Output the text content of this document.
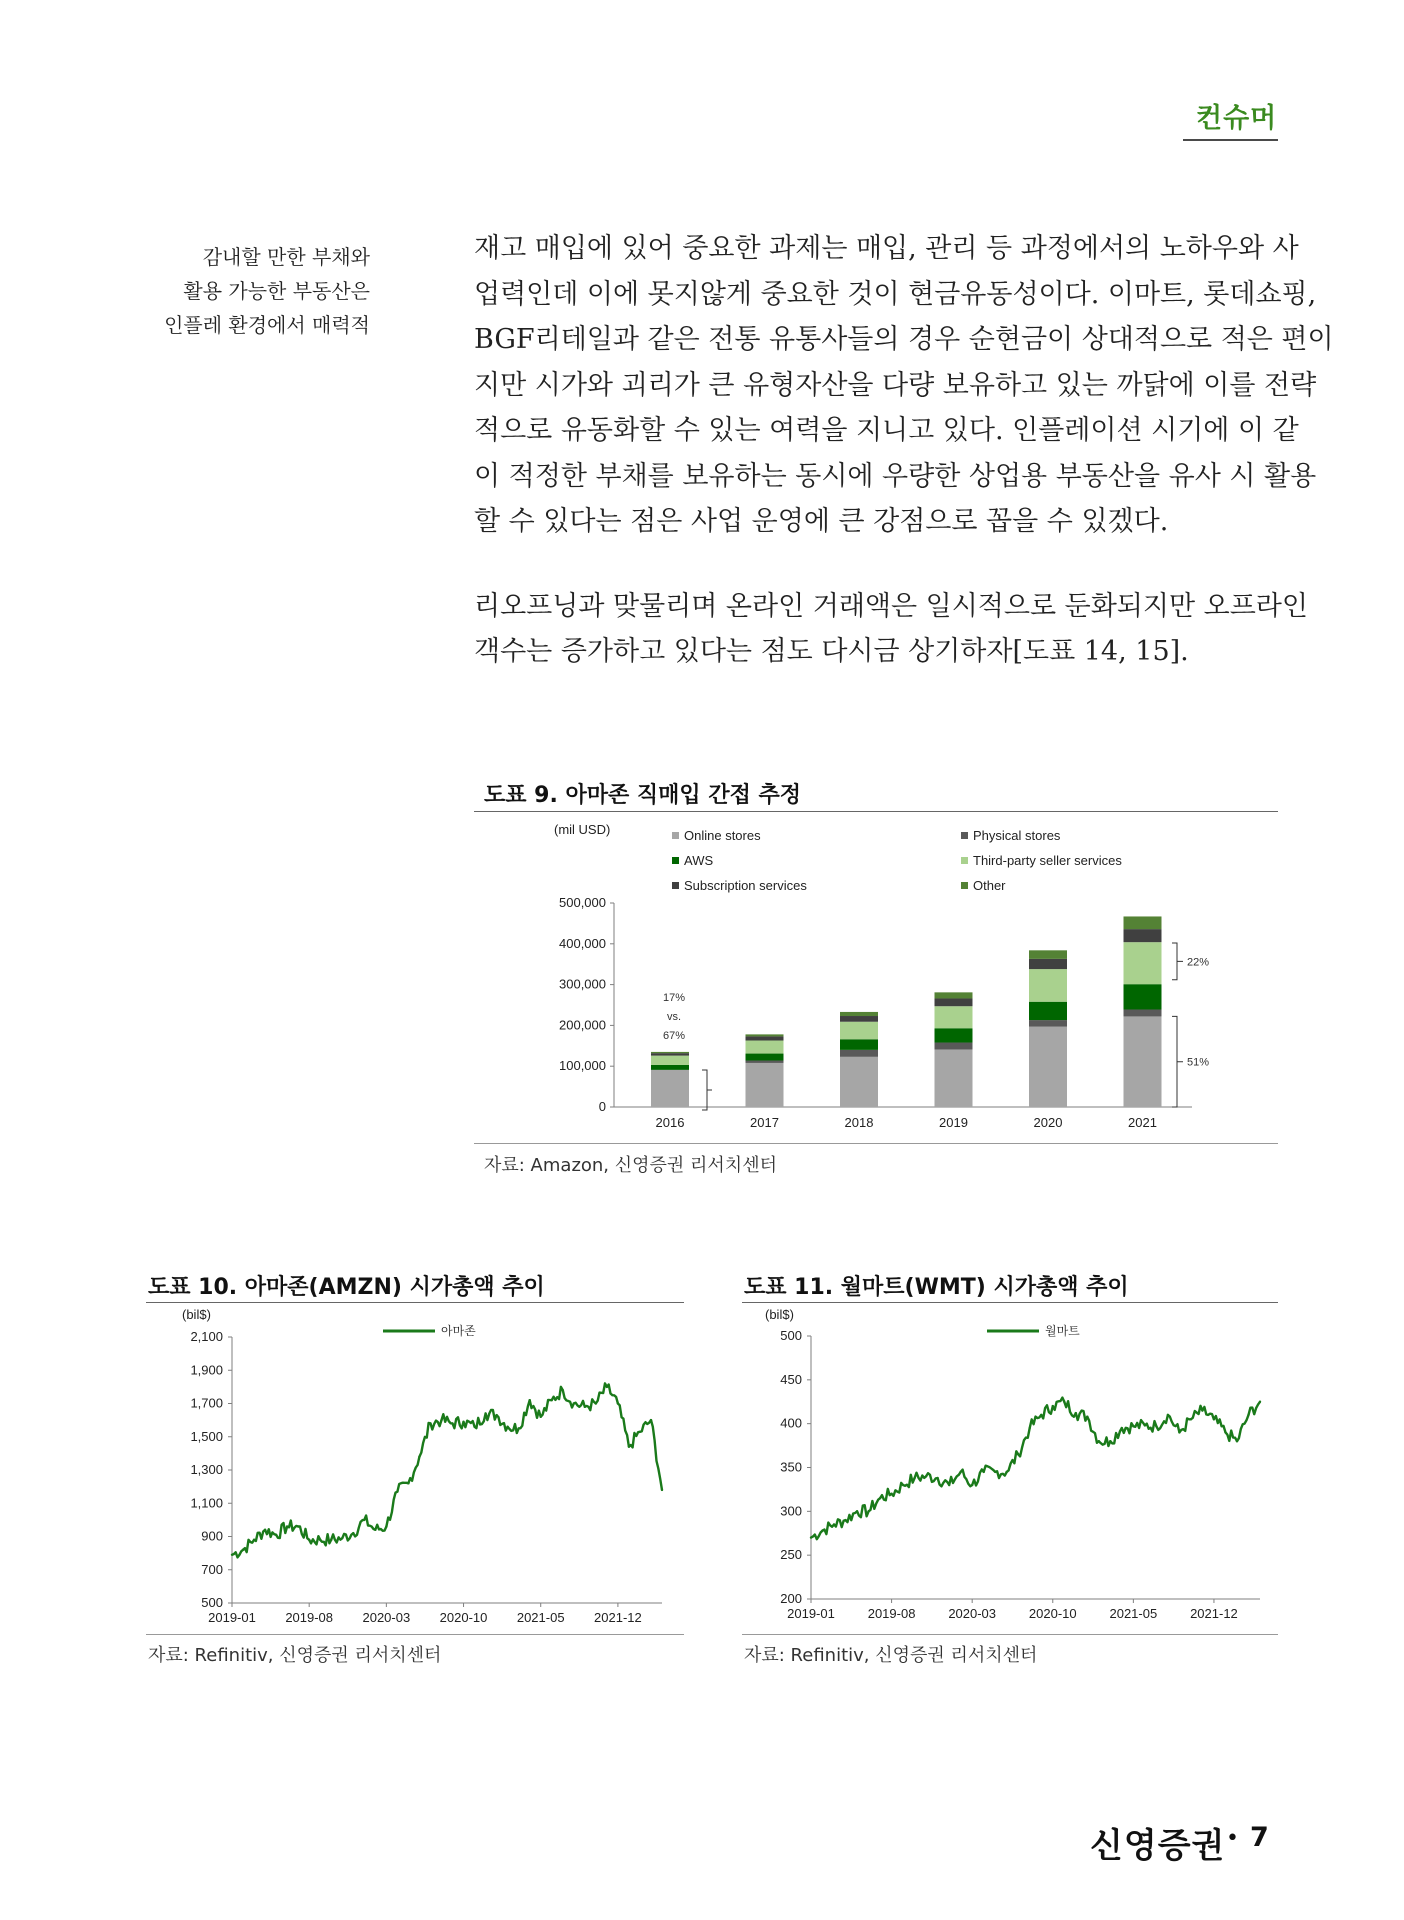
컨슈머
감내할 만한 부채와
활용 가능한 부동산은
인플레 환경에서 매력적
재고 매입에 있어 중요한 과제는 매입, 관리 등 과정에서의 노하우와 사
업력인데 이에 못지않게 중요한 것이 현금유동성이다. 이마트, 롯데쇼핑,
BGF리테일과 같은 전통 유통사들의 경우 순현금이 상대적으로 적은 편이
지만 시가와 괴리가 큰 유형자산을 다량 보유하고 있는 까닭에 이를 전략
적으로 유동화할 수 있는 여력을 지니고 있다. 인플레이션 시기에 이 같
이 적정한 부채를 보유하는 동시에 우량한 상업용 부동산을 유사 시 활용
할 수 있다는 점은 사업 운영에 큰 강점으로 꼽을 수 있겠다.
리오프닝과 맞물리며 온라인 거래액은 일시적으로 둔화되지만 오프라인
객수는 증가하고 있다는 점도 다시금 상기하자[도표 14, 15].
도표 9. 아마존 직매입 간접 추정
(mil USD)
0
100,000
200,000
300,000
400,000
500,000
2016	2017	2018	2019	2020	2021
Online stores	Physical stores
AWS	Third-party seller services
Subscription services	Other
17%
vs.
67%
22%
51%
자료: Amazon, 신영증권 리서치센터
도표 10. 아마존(AMZN) 시가총액 추이
(bil$)
500
700
900
1,100
1,300
1,500
1,700
1,900
2,100
2019-01 2019-08 2020-03 2020-10 2021-05 2021-12
아마존
자료: Refinitiv, 신영증권 리서치센터
도표 11. 월마트(WMT) 시가총액 추이
(bil$)
200
250
300
350
400
450
500
2019-01	2019-08	2020-03	2020-10	2021-05	2021-12
월마트
자료: Refinitiv, 신영증권 리서치센터
신영증권 • 7
